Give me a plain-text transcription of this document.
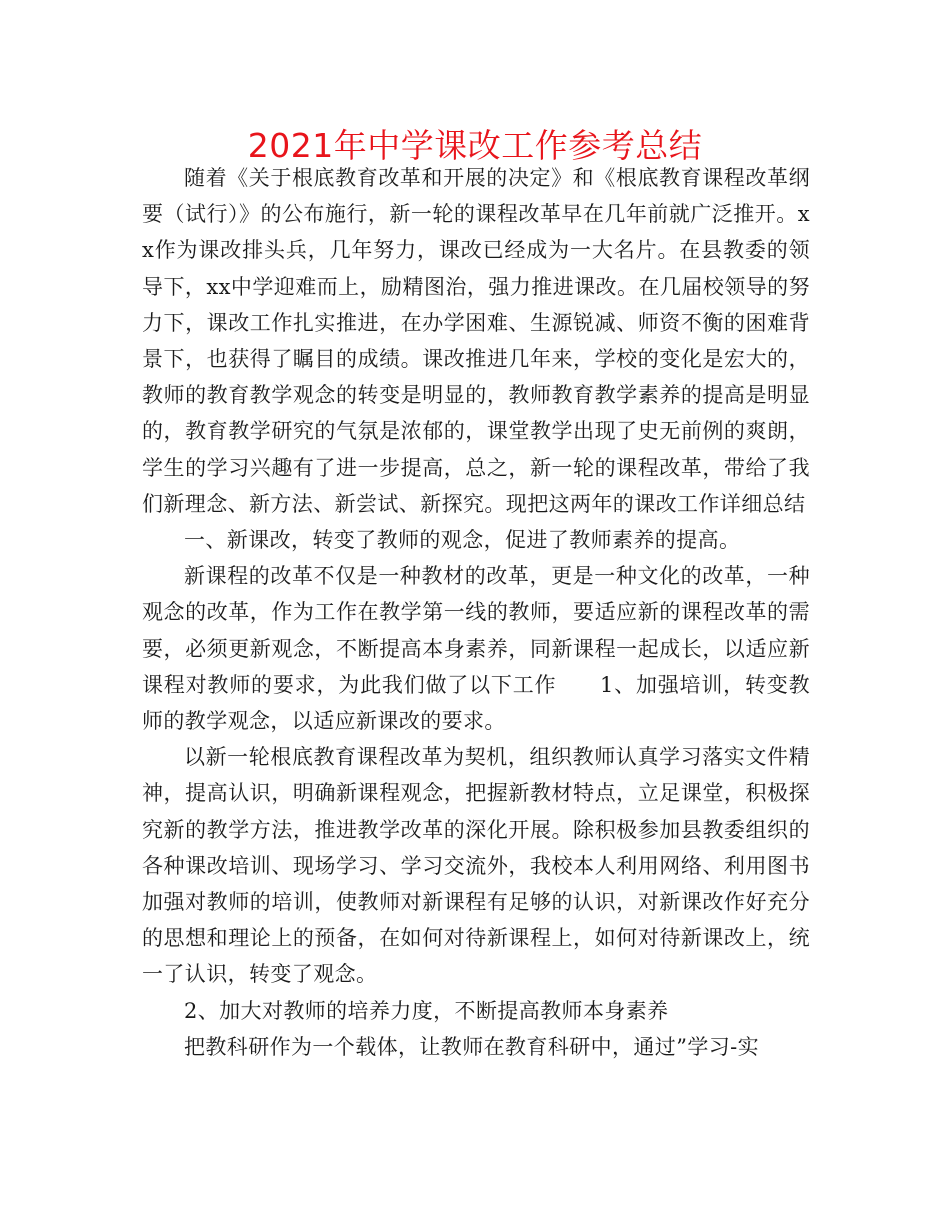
2021年中学课改工作参考总结

随着《关于根底教育改革和开展的决定》和《根底教育课程改革纲要（试行）》的公布施行，新一轮的课程改革早在几年前就广泛推开。xx作为课改排头兵，几年努力，课改已经成为一大名片。在县教委的领导下，xx中学迎难而上，励精图治，强力推进课改。在几届校领导的努力下，课改工作扎实推进，在办学困难、生源锐减、师资不衡的困难背景下，也获得了瞩目的成绩。课改推进几年来，学校的变化是宏大的，教师的教育教学观念的转变是明显的，教师教育教学素养的提高是明显的，教育教学研究的气氛是浓郁的，课堂教学出现了史无前例的爽朗，学生的学习兴趣有了进一步提高，总之，新一轮的课程改革，带给了我们新理念、新方法、新尝试、新探究。现把这两年的课改工作详细总结

一、新课改，转变了教师的观念，促进了教师素养的提高。

新课程的改革不仅是一种教材的改革，更是一种文化的改革，一种观念的改革，作为工作在教学第一线的教师，要适应新的课程改革的需要，必须更新观念，不断提高本身素养，同新课程一起成长，以适应新课程对教师的要求，为此我们做了以下工作　　1、加强培训，转变教师的教学观念，以适应新课改的要求。

以新一轮根底教育课程改革为契机，组织教师认真学习落实文件精神，提高认识，明确新课程观念，把握新教材特点，立足课堂，积极探究新的教学方法，推进教学改革的深化开展。除积极参加县教委组织的各种课改培训、现场学习、学习交流外，我校本人利用网络、利用图书加强对教师的培训，使教师对新课程有足够的认识，对新课改作好充分的思想和理论上的预备，在如何对待新课程上，如何对待新课改上，统一了认识，转变了观念。

2、加大对教师的培养力度，不断提高教师本身素养

把教科研作为一个载体，让教师在教育科研中，通过”学习-实
